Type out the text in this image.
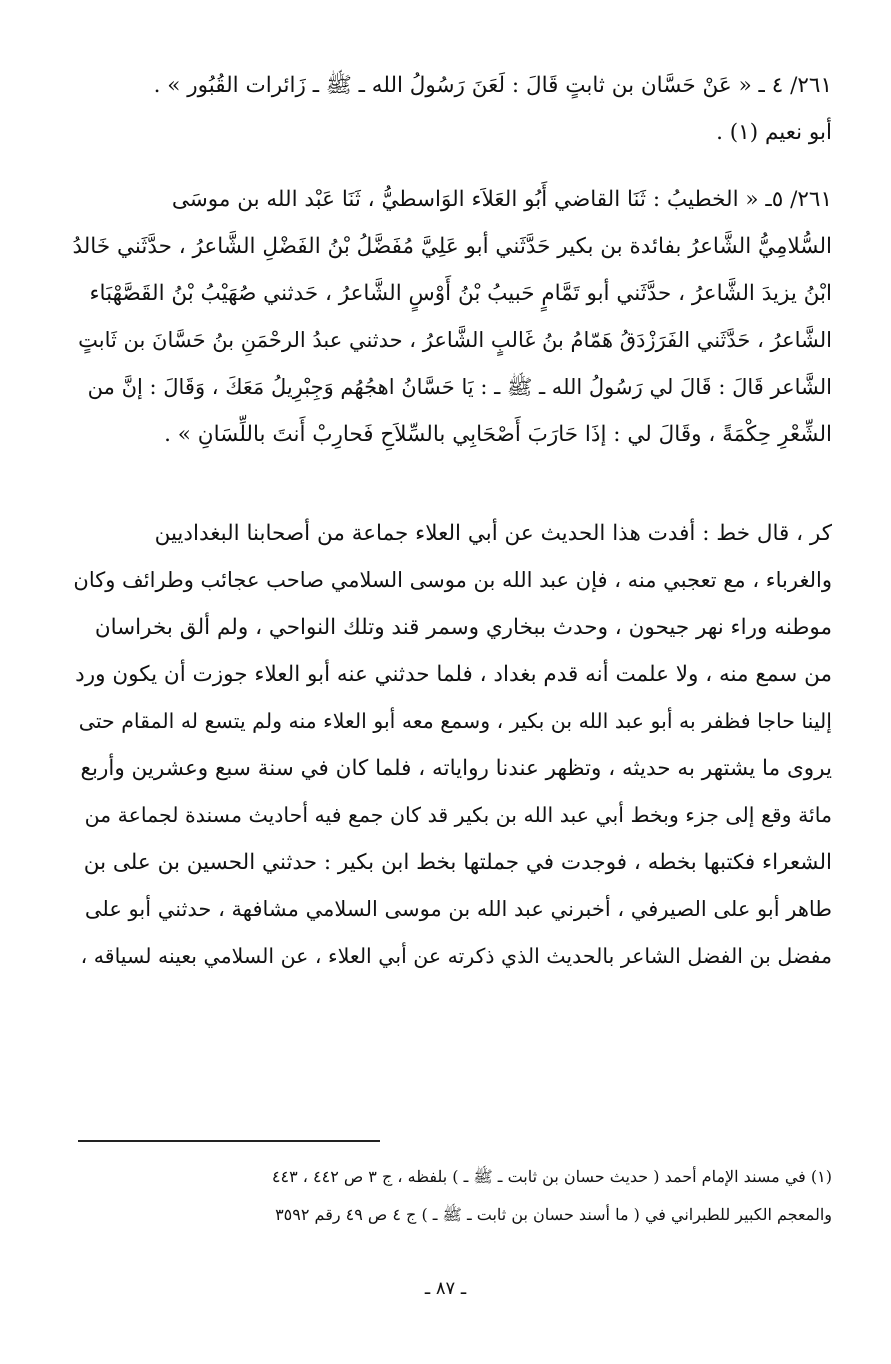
٢٦١/ ٤ ـ « عَنْ حَسَّان بن ثابتٍ قَالَ : لَعَنَ رَسُولُ الله ـ ﷺ ـ زَائرات القُبُور » .
أبو نعيم (١) .
٢٦١/ ٥ـ « الخطيبُ : ثَنَا القاضي أَبُو العَلاَء الوَاسطيُّ ، ثَنَا عَبْد الله بن موسَى
السُّلامِيُّ الشَّاعرُ بفائدة بن بكير حَدَّثَني أبو عَلِيَّ مُفَضَّلُ بْنُ الفَضْلِ الشَّاعرُ ، حدَّثَني خَالدُ
ابْنُ يزيدَ الشَّاعرُ ، حدَّثَني أبو تَمَّامٍ حَبيبُ بْنُ أَوْسٍ الشَّاعرُ ، حَدثني صُهَيْبُ بْنُ القَصَّهْبَاء
الشَّاعرُ ، حَدَّثَني الفَرَزْدَقُ هَمّامُ بنُ غَالبٍ الشَّاعرُ ، حدثني عبدُ الرحْمَنِ بنُ حَسَّانَ بن ثَابتٍ
الشَّاعر قَالَ : قَالَ لي رَسُولُ الله ـ ﷺ ـ : يَا حَسَّانُ اهجُهُم وَجِبْرِيلُ مَعَكَ ، وَقَالَ : إنَّ من
الشِّعْرِ حِكْمَةً ، وقَالَ لي : إذَا حَارَبَ أَصْحَابِي بالسِّلاَحِ فَحارِبْ أَنتَ باللِّسَانِ » .
كر ، قال خط : أفدت هذا الحديث عن أبي العلاء جماعة من أصحابنا البغداديين
والغرباء ، مع تعجبي منه ، فإن عبد الله بن موسى السلامي صاحب عجائب وطرائف وكان
موطنه وراء نهر جيحون ، وحدث ببخاري وسمر قند وتلك النواحي ، ولم ألق بخراسان
من سمع منه ، ولا علمت أنه قدم بغداد ، فلما حدثني عنه أبو العلاء جوزت أن يكون ورد
إلينا حاجا فظفر به أبو عبد الله بن بكير ، وسمع معه أبو العلاء منه ولم يتسع له المقام حتى
يروى ما يشتهر به حديثه ، وتظهر عندنا رواياته ، فلما كان في سنة سبع وعشرين وأربع
مائة وقع إلى جزء وبخط أبي عبد الله بن بكير قد كان جمع فيه أحاديث مسندة لجماعة من
الشعراء فكتبها بخطه ، فوجدت في جملتها بخط ابن بكير : حدثني الحسين بن على بن
طاهر أبو على الصيرفي ، أخبرني عبد الله بن موسى السلامي مشافهة ، حدثني أبو على
مفضل بن الفضل الشاعر بالحديث الذي ذكرته عن أبي العلاء ، عن السلامي بعينه لسياقه ،
(١) في مسند الإمام أحمد ( حديث حسان بن ثابت ـ ﷺ ـ ) بلفظه ، ج ٣ ص ٤٤٢ ، ٤٤٣
والمعجم الكبير للطبراني في ( ما أسند حسان بن ثابت ـ ﷺ ـ ) ج ٤ ص ٤٩ رقم ٣٥٩٢
ـ ٨٧ ـ
